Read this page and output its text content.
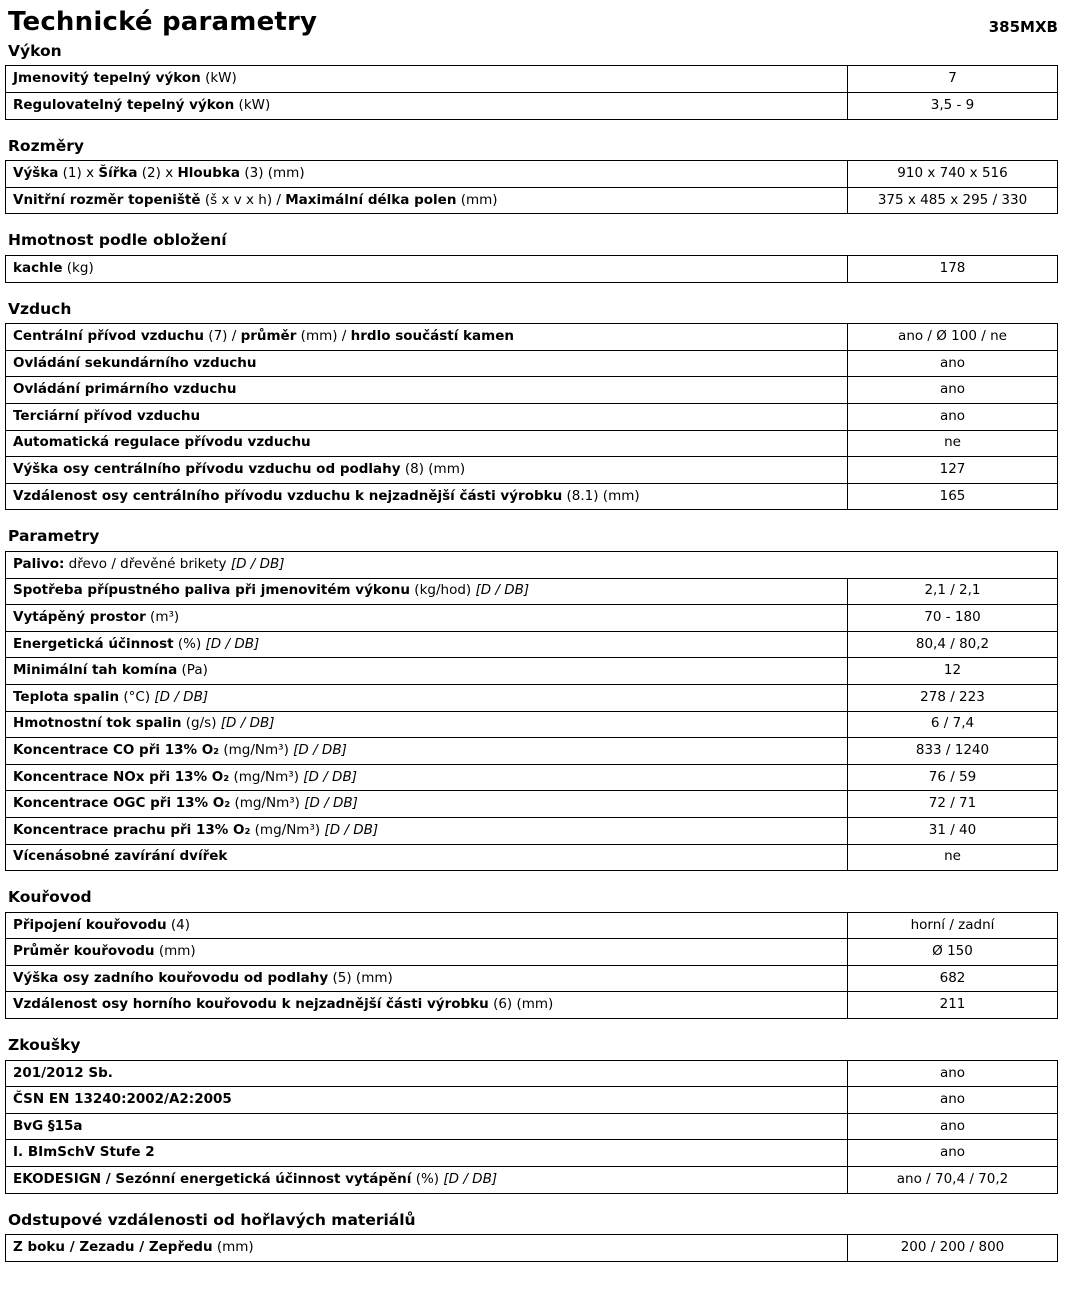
Technické parametry	385MXB
Výkon
Jmenovitý tepelný výkon (kW)	7
Regulovatelný tepelný výkon (kW)	3,5 - 9
Rozměry
Výška (1) x Šířka (2) x Hloubka (3) (mm)	910 x 740 x 516
Vnitřní rozměr topeniště (š x v x h) / Maximální délka polen (mm)	375 x 485 x 295 / 330
Hmotnost podle obložení
kachle (kg)	178
Vzduch
Centrální přívod vzduchu (7) / průměr (mm) / hrdlo součástí kamen	ano / Ø 100 / ne
Ovládání sekundárního vzduchu	ano
Ovládání primárního vzduchu	ano
Terciární přívod vzduchu	ano
Automatická regulace přívodu vzduchu	ne
Výška osy centrálního přívodu vzduchu od podlahy (8) (mm)	127
Vzdálenost osy centrálního přívodu vzduchu k nejzadnější části výrobku (8.1) (mm)	165
Parametry
Palivo: dřevo / dřevěné brikety [D / DB]
Spotřeba přípustného paliva při jmenovitém výkonu (kg/hod) [D / DB]	2,1 / 2,1
Vytápěný prostor (m³)	70 - 180
Energetická účinnost (%) [D / DB]	80,4 / 80,2
Minimální tah komína (Pa)	12
Teplota spalin (°C) [D / DB]	278 / 223
Hmotnostní tok spalin (g/s) [D / DB]	6 / 7,4
Koncentrace CO při 13% O₂ (mg/Nm³) [D / DB]	833 / 1240
Koncentrace NOx při 13% O₂ (mg/Nm³) [D / DB]	76 / 59
Koncentrace OGC při 13% O₂ (mg/Nm³) [D / DB]	72 / 71
Koncentrace prachu při 13% O₂ (mg/Nm³) [D / DB]	31 / 40
Vícenásobné zavírání dvířek	ne
Kouřovod
Připojení kouřovodu (4)	horní / zadní
Průměr kouřovodu (mm)	Ø 150
Výška osy zadního kouřovodu od podlahy (5) (mm)	682
Vzdálenost osy horního kouřovodu k nejzadnější části výrobku (6) (mm)	211
Zkoušky
201/2012 Sb.	ano
ČSN EN 13240:2002/A2:2005	ano
BvG §15a	ano
I. BImSchV Stufe 2	ano
EKODESIGN / Sezónní energetická účinnost vytápění (%) [D / DB]	ano / 70,4 / 70,2
Odstupové vzdálenosti od hořlavých materiálů
Z boku / Zezadu / Zepředu (mm)	200 / 200 / 800
